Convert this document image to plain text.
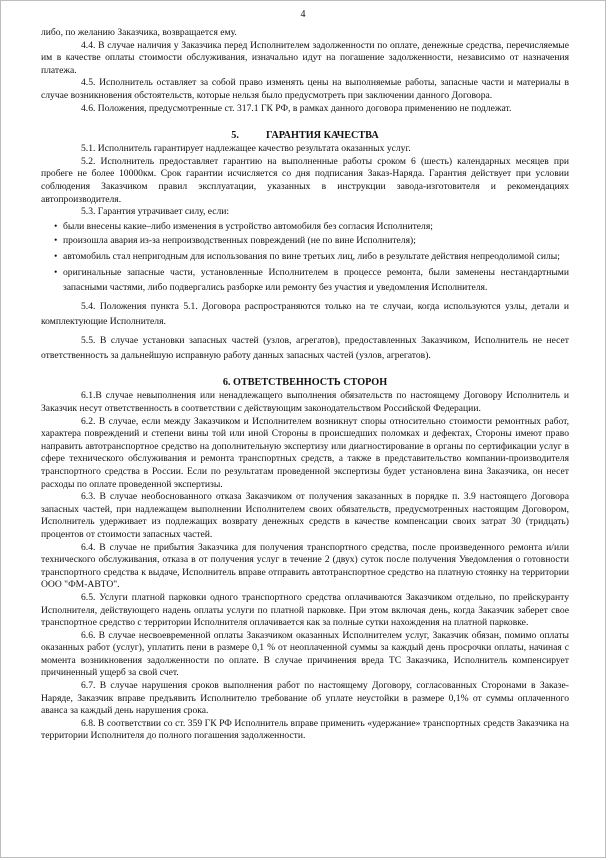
4

либо, по желанию Заказчика, возвращается ему.

4.4. В случае наличия у Заказчика перед Исполнителем задолженности по оплате, денежные средства, перечисляемые им в качестве оплаты стоимости обслуживания, изначально идут на погашение задолженности, независимо от назначения платежа.

4.5. Исполнитель оставляет за собой право изменять цены на выполняемые работы, запасные части и материалы в случае возникновения обстоятельств, которые нельзя было предусмотреть при заключении данного Договора.

4.6. Положения, предусмотренные ст. 317.1 ГК РФ, в рамках данного договора применению не подлежат.

5.	ГАРАНТИЯ КАЧЕСТВА

5.1. Исполнитель гарантирует надлежащее качество результата оказанных услуг.

5.2. Исполнитель предоставляет гарантию на выполненные работы сроком 6 (шесть) календарных месяцев при пробеге не более 10000км. Срок гарантии исчисляется со дня подписания Заказ-Наряда. Гарантия действует при условии соблюдения Заказчиком правил эксплуатации, указанных в инструкции завода-изготовителя и рекомендациях автопроизводителя.

5.3. Гарантия утрачивает силу, если:

• были внесены какие–либо изменения в устройство автомобиля без согласия Исполнителя;

• произошла авария из-за непроизводственных повреждений (не по вине Исполнителя);

• автомобиль стал непригодным для использования по вине третьих лиц, либо в результате действия непреодолимой силы;

• оригинальные запасные части, установленные Исполнителем в процессе ремонта, были заменены нестандартными запасными частями, либо подвергались разборке или ремонту без участия и уведомления Исполнителя.

5.4. Положения пункта 5.1. Договора распространяются только на те случаи, когда используются узлы, детали и комплектующие Исполнителя.

5.5. В случае установки запасных частей (узлов, агрегатов), предоставленных Заказчиком, Исполнитель не несет ответственность за дальнейшую исправную работу данных запасных частей (узлов, агрегатов).

6. ОТВЕТСТВЕННОСТЬ СТОРОН

6.1.В случае невыполнения или ненадлежащего выполнения обязательств по настоящему Договору Исполнитель и Заказчик несут ответственность в соответствии с действующим законодательством Российской Федерации.

6.2. В случае, если между Заказчиком и Исполнителем возникнут споры относительно стоимости ремонтных работ, характера повреждений и степени вины той или иной Стороны в происшедших поломках и дефектах, Стороны имеют право направить автотранспортное средство на дополнительную экспертизу или диагностирование в органы по сертификации услуг в сфере технического обслуживания и ремонта транспортных средств, а также в представительство компании-производителя транспортного средства в России. Если по результатам проведенной экспертизы будет установлена вина Заказчика, он несет расходы по оплате проведенной экспертизы.

6.3. В случае необоснованного отказа Заказчиком от получения заказанных в порядке п. 3.9 настоящего Договора запасных частей, при надлежащем выполнении Исполнителем своих обязательств, предусмотренных настоящим Договором, Исполнитель удерживает из подлежащих возврату денежных средств в качестве компенсации своих затрат 30 (тридцать) процентов от стоимости запасных частей.

6.4. В случае не прибытия Заказчика для получения транспортного средства, после произведенного ремонта и/или технического обслуживания, отказа в от получения услуг в течение 2 (двух) суток после получения Уведомления о готовности транспортного средства к выдаче, Исполнитель вправе отправить автотранспортное средство на платную стоянку на территории ООО "ФМ-АВТО".

6.5. Услуги платной парковки одного транспортного средства оплачиваются Заказчиком отдельно, по прейскуранту Исполнителя, действующего надень оплаты услуги по платной парковке. При этом включая день, когда Заказчик заберет свое транспортное средство с территории Исполнителя оплачивается как за полные сутки нахождения на платной парковке.

6.6. В случае несвоевременной оплаты Заказчиком оказанных Исполнителем услуг, Заказчик обязан, помимо оплаты оказанных работ (услуг), уплатить пени в размере 0,1 % от неоплаченной суммы за каждый день просрочки оплаты, начиная с момента возникновения задолженности по оплате. В случае причинения вреда ТС Заказчика, Исполнитель компенсирует причиненный ущерб за свой счет.

6.7. В случае нарушения сроков выполнения работ по настоящему Договору, согласованных Сторонами в Заказе-Наряде, Заказчик вправе предъявить Исполнителю требование об уплате неустойки в размере 0,1% от суммы оплаченного аванса за каждый день нарушения срока.

6.8. В соответствии со ст. 359 ГК РФ Исполнитель вправе применить «удержание» транспортных средств Заказчика на территории Исполнителя до полного погашения задолженности.
